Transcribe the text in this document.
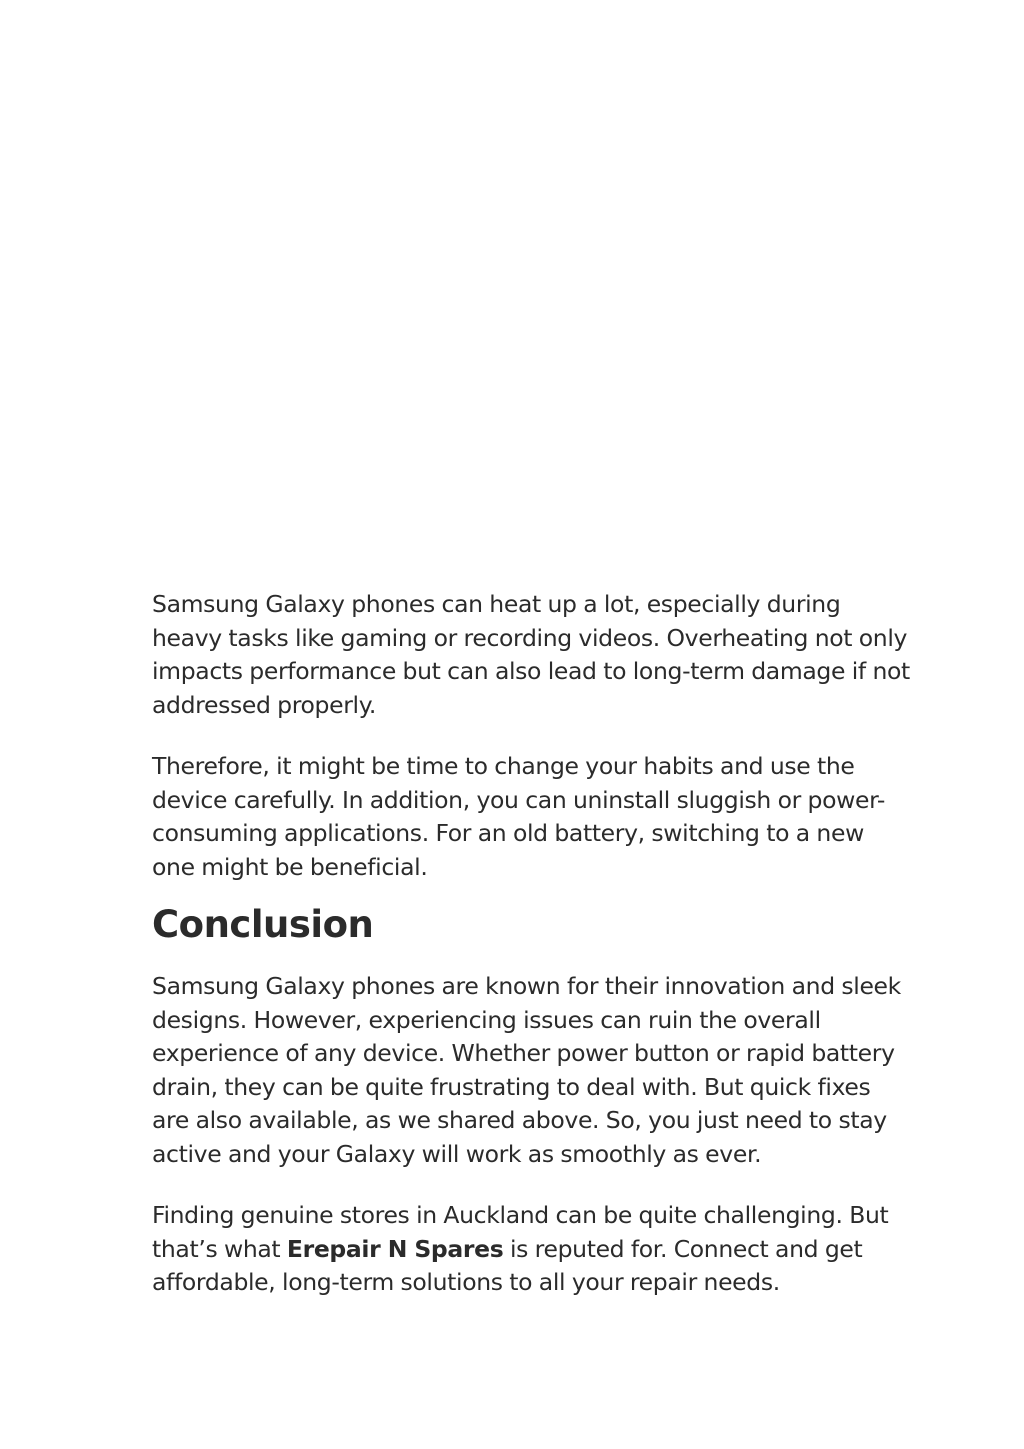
Samsung Galaxy phones can heat up a lot, especially during heavy tasks like gaming or recording videos. Overheating not only impacts performance but can also lead to long-term damage if not addressed properly.

Therefore, it might be time to change your habits and use the device carefully. In addition, you can uninstall sluggish or power-consuming applications. For an old battery, switching to a new one might be beneficial.

Conclusion

Samsung Galaxy phones are known for their innovation and sleek designs. However, experiencing issues can ruin the overall experience of any device. Whether power button or rapid battery drain, they can be quite frustrating to deal with. But quick fixes are also available, as we shared above. So, you just need to stay active and your Galaxy will work as smoothly as ever.

Finding genuine stores in Auckland can be quite challenging. But that’s what Erepair N Spares is reputed for. Connect and get affordable, long-term solutions to all your repair needs.
